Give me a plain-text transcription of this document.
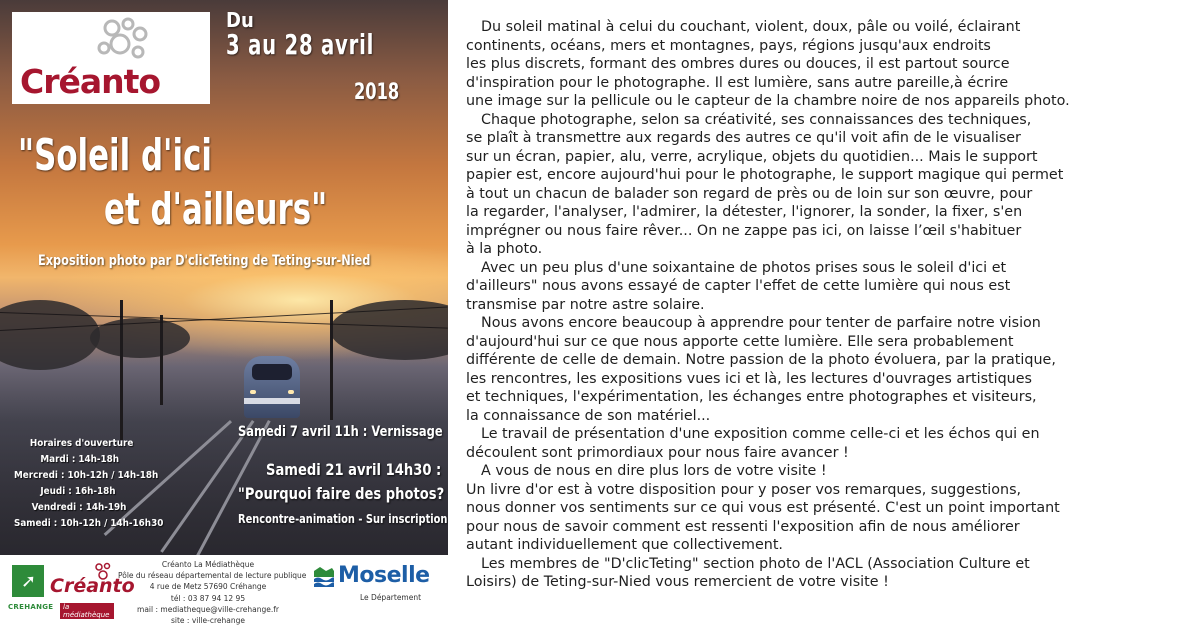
Créanto
Du
3 au 28 avril
2018
"Soleil d'ici
et d'ailleurs"
Exposition photo par D'clicTeting de Teting-sur-Nied
Horaires d'ouverture
Mardi : 14h-18h
Mercredi : 10h-12h / 14h-18h
Jeudi : 16h-18h
Vendredi : 14h-19h
Samedi : 10h-12h / 14h-16h30
Samedi 7 avril 11h : Vernissage
Samedi 21 avril 14h30 :
"Pourquoi faire des photos?
Rencontre-animation - Sur inscription
➚ Créanto
CREHANGE	la médiathèque
Créanto La Médiathèque
Pôle du réseau départemental de lecture publique
4 rue de Metz 57690 Créhange
tél : 03 87 94 12 95
mail : mediatheque@ville-crehange.fr
site : ville-crehange
Moselle
Le Département
Du soleil matinal à celui du couchant, violent, doux, pâle ou voilé, éclairant
continents, océans, mers et montagnes, pays, régions jusqu'aux endroits
les plus discrets, formant des ombres dures ou douces, il est partout source
d'inspiration pour le photographe. Il est lumière, sans autre pareille,à écrire
une image sur la pellicule ou le capteur de la chambre noire de nos appareils photo.
Chaque photographe, selon sa créativité, ses connaissances des techniques,
se plaît à transmettre aux regards des autres ce qu'il voit afin de le visualiser
sur un écran, papier, alu, verre, acrylique, objets du quotidien... Mais le support
papier est, encore aujourd'hui pour le photographe, le support magique qui permet
à tout un chacun de balader son regard de près ou de loin sur son œuvre, pour
la regarder, l'analyser, l'admirer, la détester, l'ignorer, la sonder, la fixer, s'en
imprégner ou nous faire rêver... On ne zappe pas ici, on laisse l’œil s'habituer
à la photo.
Avec un peu plus d'une soixantaine de photos prises sous le soleil d'ici et
d'ailleurs" nous avons essayé de capter l'effet de cette lumière qui nous est
transmise par notre astre solaire.
Nous avons encore beaucoup à apprendre pour tenter de parfaire notre vision
d'aujourd'hui sur ce que nous apporte cette lumière. Elle sera probablement
différente de celle de demain. Notre passion de la photo évoluera, par la pratique,
les rencontres, les expositions vues ici et là, les lectures d'ouvrages artistiques
et techniques, l'expérimentation, les échanges entre photographes et visiteurs,
la connaissance de son matériel...
Le travail de présentation d'une exposition comme celle-ci et les échos qui en
découlent sont primordiaux pour nous faire avancer !
A vous de nous en dire plus lors de votre visite !
Un livre d'or est à votre disposition pour y poser vos remarques, suggestions,
nous donner vos sentiments sur ce qui vous est présenté. C'est un point important
pour nous de savoir comment est ressenti l'exposition afin de nous améliorer
autant individuellement que collectivement.
Les membres de "D'clicTeting" section photo de l'ACL (Association Culture et
Loisirs) de Teting-sur-Nied vous remercient de votre visite !
